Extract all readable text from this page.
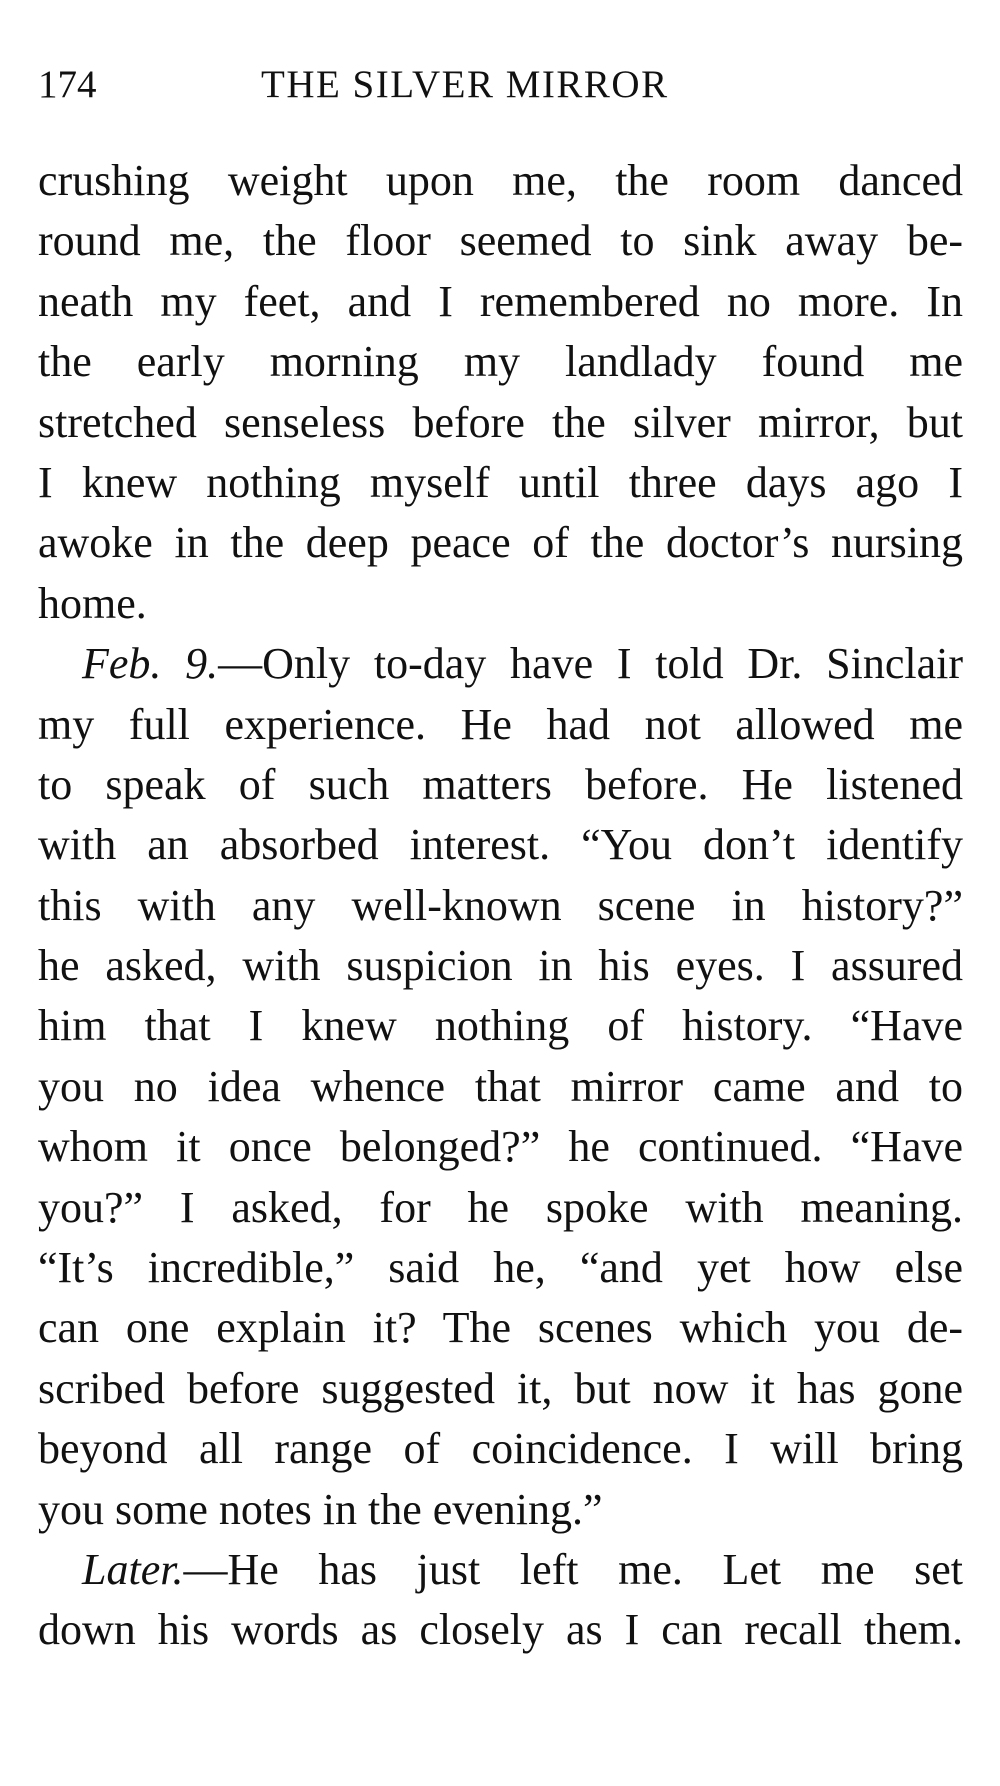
174	THE SILVER MIRROR
crushing weight upon me, the room danced
round me, the floor seemed to sink away be-
neath my feet, and I remembered no more. In
the early morning my landlady found me
stretched senseless before the silver mirror, but
I knew nothing myself until three days ago I
awoke in the deep peace of the doctor’s nursing
home.
Feb. 9.—Only to-day have I told Dr. Sinclair
my full experience. He had not allowed me
to speak of such matters before. He listened
with an absorbed interest. “You don’t identify
this with any well-known scene in history?”
he asked, with suspicion in his eyes. I assured
him that I knew nothing of history. “Have
you no idea whence that mirror came and to
whom it once belonged?” he continued. “Have
you?” I asked, for he spoke with meaning.
“It’s incredible,” said he, “and yet how else
can one explain it? The scenes which you de-
scribed before suggested it, but now it has gone
beyond all range of coincidence. I will bring
you some notes in the evening.”
Later.—He has just left me. Let me set
down his words as closely as I can recall them.
